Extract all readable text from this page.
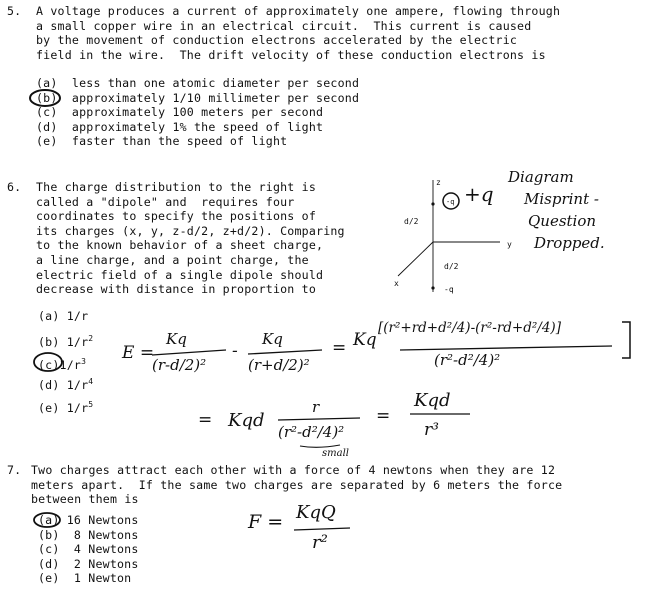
5. A voltage produces a current of approximately one ampere, flowing through
a small copper wire in an electrical circuit.  This current is caused
by the movement of conduction electrons accelerated by the electric
field in the wire.  The drift velocity of these conduction electrons is
(a) less than one atomic diameter per second
(b) approximately 1/10 millimeter per second
(c) approximately 100 meters per second
(d) approximately 1% the speed of light
(e) faster than the speed of light
6. The charge distribution to the right is
called a "dipole" and  requires four
coordinates to specify the positions of
its charges (x, y, z-d/2, z+d/2). Comparing
to the known behavior of a sheet charge,
a line charge, and a point charge, the
electric field of a single dipole should
decrease with distance in proportion to
(a) 1/r
(b) $1/r^2$
$(c)1/r^3$
(d) $1/r^4$
(e) $1/r^5$
z
d/2
y
d/2
x
-q
-q
+q
Diagram
Misprint -
Question
Dropped.
E =
Kq
(r-d/2)²
-
Kq
(r+d/2)²
= Kq
[(r²+rd+d²/4)-(r²-rd+d²/4)]
(r²-d²/4)²
= Kqd
r
(r²-d²/4)²
small
=
Kqd
r³
7. Two charges attract each other with a force of 4 newtons when they are 12
meters apart.  If the same two charges are separated by 6 meters the force
between them is
(a) 16 Newtons
(b)  8 Newtons
(c)  4 Newtons
(d)  2 Newtons
(e)  1 Newton
F = KqQ
r²
